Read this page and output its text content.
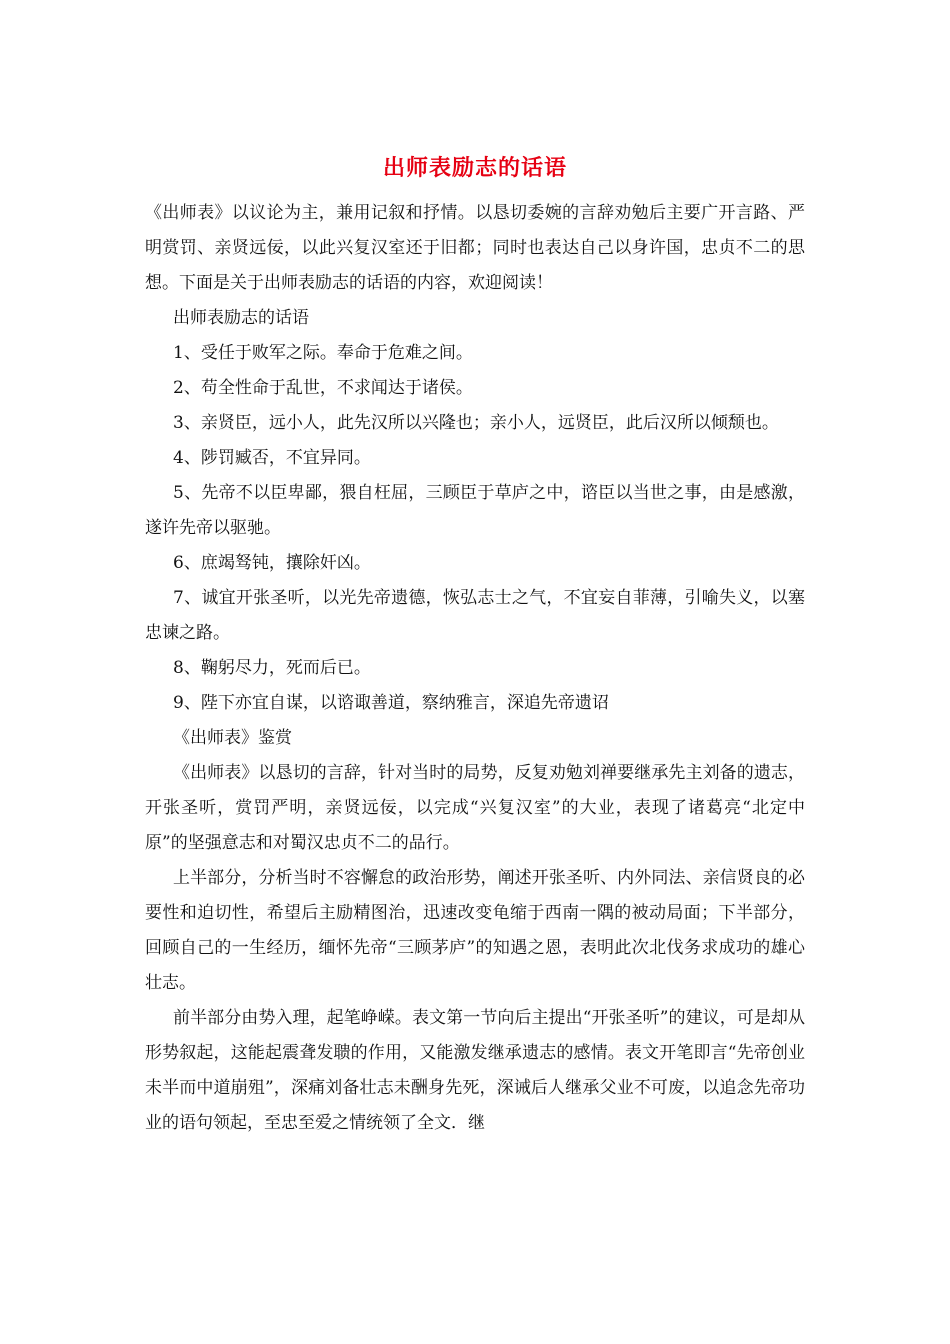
出师表励志的话语

《出师表》以议论为主，兼用记叙和抒情。以恳切委婉的言辞劝勉后主要广开言路、严明赏罚、亲贤远佞，以此兴复汉室还于旧都；同时也表达自己以身许国，忠贞不二的思想。下面是关于出师表励志的话语的内容，欢迎阅读！

出师表励志的话语

1、受任于败军之际。奉命于危难之间。

2、苟全性命于乱世，不求闻达于诸侯。

3、亲贤臣，远小人，此先汉所以兴隆也；亲小人，远贤臣，此后汉所以倾颓也。

4、陟罚臧否，不宜异同。

5、先帝不以臣卑鄙，猥自枉屈，三顾臣于草庐之中，谘臣以当世之事，由是感激，遂许先帝以驱驰。

6、庶竭驽钝，攘除奸凶。

7、诚宜开张圣听，以光先帝遗德，恢弘志士之气，不宜妄自菲薄，引喻失义，以塞忠谏之路。

8、鞠躬尽力，死而后已。

9、陛下亦宜自谋，以谘诹善道，察纳雅言，深追先帝遗诏

《出师表》鉴赏

《出师表》以恳切的言辞，针对当时的局势，反复劝勉刘禅要继承先主刘备的遗志，开张圣听，赏罚严明，亲贤远佞，以完成“兴复汉室”的大业，表现了诸葛亮“北定中原”的坚强意志和对蜀汉忠贞不二的品行。

上半部分，分析当时不容懈怠的政治形势，阐述开张圣听、内外同法、亲信贤良的必要性和迫切性，希望后主励精图治，迅速改变龟缩于西南一隅的被动局面；下半部分，回顾自己的一生经历，缅怀先帝“三顾茅庐”的知遇之恩，表明此次北伐务求成功的雄心壮志。

前半部分由势入理，起笔峥嵘。表文第一节向后主提出“开张圣听”的建议，可是却从形势叙起，这能起震聋发聩的作用，又能激发继承遗志的感情。表文开笔即言“先帝创业未半而中道崩殂”，深痛刘备壮志未酬身先死，深诫后人继承父业不可废，以追念先帝功业的语句领起，至忠至爱之情统领了全文．继
